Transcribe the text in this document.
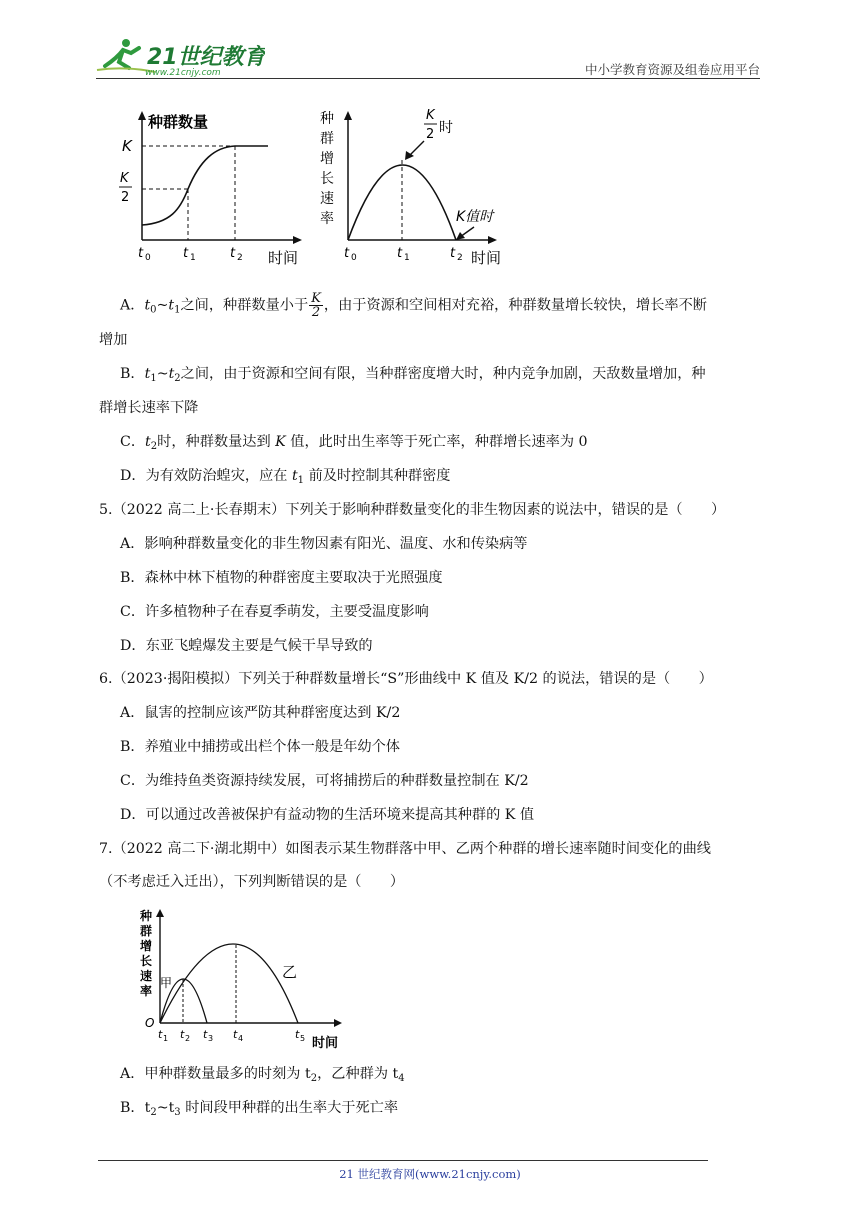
21世纪教育
www.21cnjy.com	中小学教育资源及组卷应用平台
种群数量
K
K
2
t 0 t 1	t 2 时间
种
群
增
长
速
率
K
2 时
K值时
t 0	t 1	t 2 时间
A．$t_0\sim t_1$之间，种群数量小于 $\frac{K}{2}$ ，由于资源和空间相对充裕，种群数量增长较快，增长率不断
增加
B．$t_1\sim t_2$之间，由于资源和空间有限，当种群密度增大时，种内竞争加剧，天敌数量增加，种
群增长速率下降
C．$t_2$时，种群数量达到 K 值，此时出生率等于死亡率，种群增长速率为 0
D．为有效防治蝗灾，应在 $t_1$ 前及时控制其种群密度
5.（2022 高二上·长春期末）下列关于影响种群数量变化的非生物因素的说法中，错误的是（　　）
A．影响种群数量变化的非生物因素有阳光、温度、水和传染病等
B．森林中林下植物的种群密度主要取决于光照强度
C．许多植物种子在春夏季萌发，主要受温度影响
D．东亚飞蝗爆发主要是气候干旱导致的
6.（2023·揭阳模拟）下列关于种群数量增长“S”形曲线中 K 值及 K/2 的说法，错误的是（　　）
A．鼠害的控制应该严防其种群密度达到 K/2
B．养殖业中捕捞或出栏个体一般是年幼个体
C．为维持鱼类资源持续发展，可将捕捞后的种群数量控制在 K/2
D．可以通过改善被保护有益动物的生活环境来提高其种群的 K 值
7.（2022 高二下·湖北期中）如图表示某生物群落中甲、乙两个种群的增长速率随时间变化的曲线
（不考虑迁入迁出），下列判断错误的是（　　）
种
群
增
长
速
率
O
甲
乙
t 1 t 2 t 3 t 4	t 5 时间
A．甲种群数量最多的时刻为 $t_2$，乙种群为 $t_4$
B．$t_2\sim t_3$ 时间段甲种群的出生率大于死亡率
21 世纪教育网(www.21cnjy.com)
